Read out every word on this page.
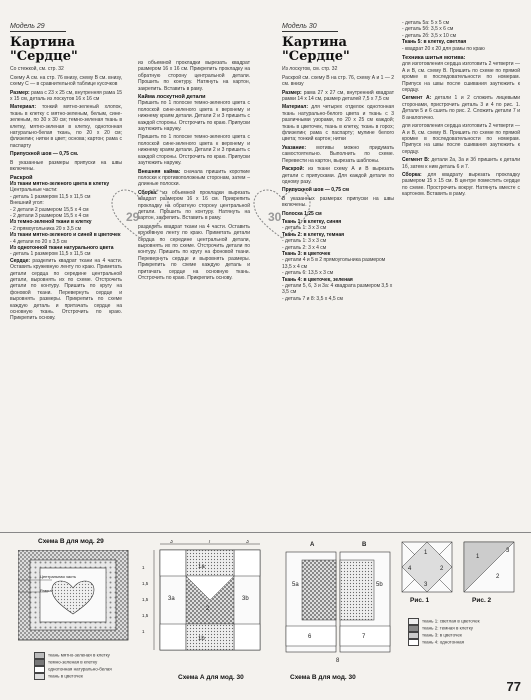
Модель 29
Картина "Сердце"
Со стежкой, см. стр. 32
Схему А см. на стр. 76 внизу, схему В см. внизу, схему С — в сравнительной таблице кусочков
Размер: рама с 23 х 25 см, внутренняя рама 15 х 15 см, деталь из лоскутов 16 х 16 см
Материал: тонкий мятно-зеленый хлопок, ткань в клетку с мятно-зеленым, белым, сине-зеленым, по 30 х 30 см; темно-зеленая ткань в клетку, мятно-зеленая в клетку, однотонная натурально-белая ткань, по 20 х 20 см; флизелин; нитки в цвет; основа; картон; рама с паспарту
Припускной шов — 0,75 см.
В указанные размеры припуски на швы включены.
Раскрой
Из ткани мятно-зеленого цвета в клетку
Центральные части:
- деталь 1 размером 11,5 х 11,5 см
Внешний угол:
- 2 детали 2 размером 15,5 х 4 см
- 2 детали 3 размером 15,5 х 4 см
Из темно-зеленой ткани в клетку
- 2 прямоугольника 20 х 3,5 см
Из ткани мятно-зеленого и синей в цветочек
- 4 детали по 20 х 3,5 см
Из однотонной ткани натурального цвета
- деталь 1 размером 11,5 х 11,5 см
Сердце: разделить квадрат ткани на 4 части. Оставить кружевную ленту по краю. Приметать детали сердца по середине центральной детали, выровнять их по схеме. Отстрочить детали по контуру. Пришить по кругу на фоновой ткани. Перевернуть сердце и выровнять размеры. Прикрепить по схеме каждую деталь и притачать сердце на основную ткань. Отстрочить по краю. Прикрепить основу.
из объемной прокладки вырезать квадрат размером 16 х 16 см. Прикрепить прокладку на обратную сторону центральной детали. Прошить по контуру. Натянуть на картон, закрепить. Вставить в раму.
Кайма лоскутной детали
Пришить по 1 полоске темно-зеленого цвета с полоской сине-зеленого цвета к верхнему и нижнему краям детали. Детали 2 и 3 пришить с каждой стороны. Отстрочить по краю. Припуски заутюжить наружу.
Пришить по 1 полоске темно-зеленого цвета с полоской сине-зеленого цвета к верхнему и нижнему краям детали. Детали 2 и 3 пришить с каждой стороны. Отстрочить по краю. Припуски заутюжить наружу.
Внешняя кайма: сначала пришить короткие полоски к противоположным сторонам, затем – длинные полоски.
Сборка: из объемной прокладки вырезать квадрат размером 16 х 16 см. Прикрепить прокладку на обратную сторону центральной детали. Прошить по контуру. Натянуть на картон, закрепить. Вставить в раму.
разделить квадрат ткани на 4 части. Оставить кружевную ленту по краю. Приметать детали сердца по середине центральной детали, выровнять их по схеме. Отстрочить детали по контуру. Пришить по кругу на фоновой ткани. Перевернуть сердце и выровнять размеры. Прикрепить по схеме каждую деталь и притачать сердце на основную ткань. Отстрочить по краю. Прикрепить основу.
29	30
Модель 30
Картина "Сердце"
Из лоскутов, см. стр. 32
Раскрой см. схему В на стр. 76, схему А и 1 — 2 см. внизу
Размер: рама 27 х 27 см, внутренний квадрат рамки 14 х 14 см, размер деталей 7,5 х 7,5 см
Материал: для четырех отделок однотонная ткань натурально-белого цвета и ткань с 3 различными узорами, по 20 х 25 см каждой; ткань в цветочек, ткань в клетку, ткань в горох; флизелин; рама с паспарту; мулине белого цвета; тонкий картон; нитки
Указание: мотивы можно придумать самостоятельно. Выполнить по схеме. Перевести на картон, вырезать шаблоны.
Раскрой: из ткани схему А и В вырезать детали с припусками. Для каждой детали по одному разу.
Припускной шов — 0,75 см
В указанных размерах припуски на швы включены.
Полоска 1,25 см
Ткань 1: в клетку, синяя
- деталь 1: 3 х 3 см
Ткань 2: в клетку, темная
- деталь 1: 3 х 3 см
- деталь 2: 3 х 4 см
Ткань 3: в цветочек
- детали 4 и 5 в 2 прямоугольника размером 13,5 х 4 см
- деталь 6: 13,5 х 3 см
Ткань 4: в цветочек, зеленая
- детали 5, 6, 3 и 3а: 4 квадрата размером 3,5 х 3,5 см
- деталь 7 и 8: 3,5 х 4,5 см
- деталь 5а: 5 х 5 см
- деталь 5б: 3,5 х 6 см
- деталь 2б: 3,5 х 10 см
Ткань 5: в клетку, светлая
- квадрат 20 х 20 для рамы по краю
Техника шитья мотива:
для изготовления сердца изготовить 2 четверти — A и B, см. схему В. Пришить по схеме по прямой кромке в последовательности по номерам. Припуск на швы после сшивания заутюжить к сердцу.
Сегмент A: детали 1 и 2 сложить лицевыми сторонами, пристрочить деталь 3 и 4 по рис. 1. Детали 5 и 6 сшить по рис. 2. Сложить детали 7 и 8 аналогично.
для изготовления сердца изготовить 2 четверти — A и B, см. схему В. Пришить по схеме по прямой кромке в последовательности по номерам. Припуск на швы после сшивания заутюжить к сердцу.
Сегмент B: детали 2а, 3а и 3б пришить к детали 1б, затем к ним деталь 6 и 7.
Сборка: для квадрату вырезать прокладку размером 15 х 15 см. В центре поместить сердце по схеме. Прострочить вокруг. Натянуть вместе с картоном. Вставить в раму.
Схема В для мод. 29
Центральная часть
Рамка
ткань мятно-зеленая в клетку
темно-зеленая в клетку
однотонная натурально-белая
ткань в цветочек
3	7	3
1a
2
1b
3a	3b
1
1,5
1,5
1,5
1
Схема А для мод. 30
A	B
5a	5b
6	7
8
Схема В для мод. 30
1
2
3
4
1
2
3
Рис. 1	Рис. 2
ткань 1: светлая в цветочек
ткань 2: темная в клетку
ткань 3: в цветочек
ткань 4: однотонная
77
